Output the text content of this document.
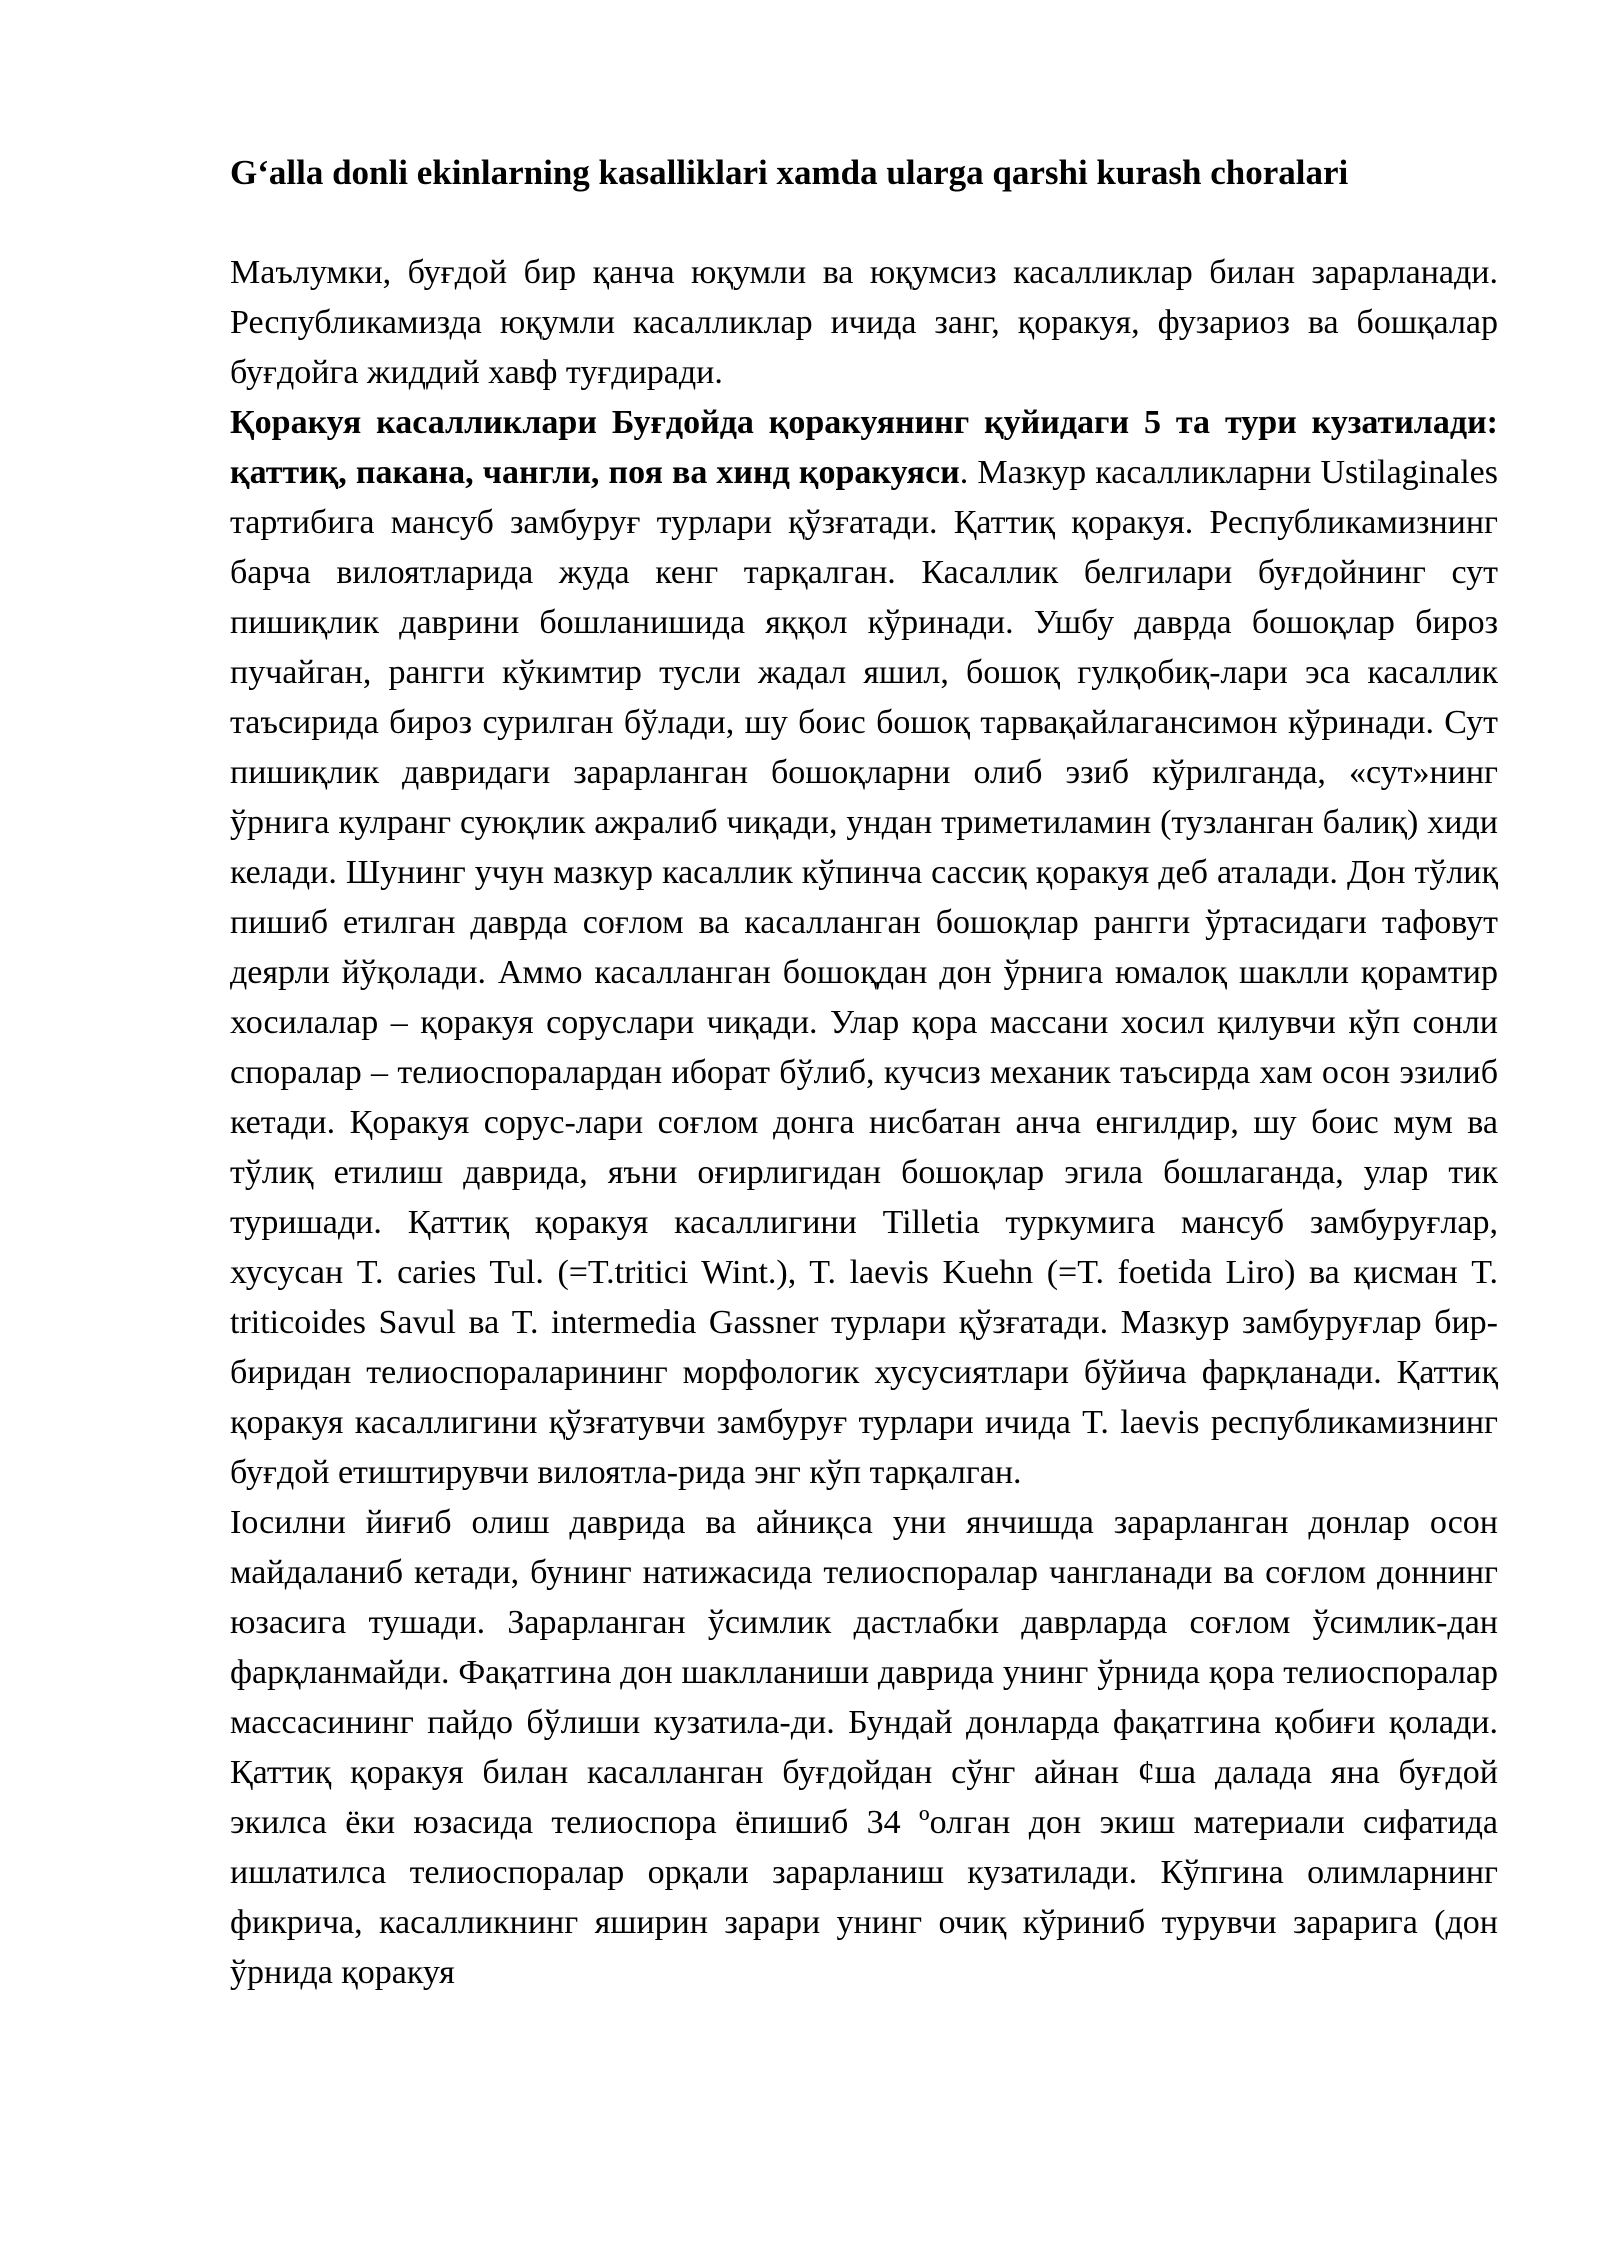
G‘alla donli ekinlarning kasalliklari xamda ularga qarshi kurash choralari

Маълумки, буғдой бир қанча юқумли ва юқумсиз касалликлар билан зарарланади. Республикамизда юқумли касалликлар ичида занг, қоракуя, фузариоз ва бошқалар буғдойга жиддий хавф туғдиради.

Қоракуя касалликлари Буғдойда қоракуянинг қуйидаги 5 та тури кузатилади: қаттиқ, пакана, чангли, поя ва хинд қоракуяси. Мазкур касалликларни Ustilaginales тартибига мансуб замбуруғ турлари қўзғатади. Қаттиқ қоракуя. Республикамизнинг барча вилоятларида жуда кенг тарқалган. Касаллик белгилари буғдойнинг сут пишиқлик даврини бошланишида яққол кўринади. Ушбу даврда бошоқлар бироз пучайган, рангги кўкимтир тусли жадал яшил, бошоқ гулқобиқ-лари эса касаллик таъсирида бироз сурилган бўлади, шу боис бошоқ тарвақайлагансимон кўринади. Сут пишиқлик давридаги зарарланган бошоқларни олиб эзиб кўрилганда, «сут»нинг ўрнига кулранг суюқлик ажралиб чиқади, ундан триметиламин (тузланган балиқ) хиди келади. Шунинг учун мазкур касаллик кўпинча сассиқ қоракуя деб аталади. Дон тўлиқ пишиб етилган даврда соғлом ва касалланган бошоқлар рангги ўртасидаги тафовут деярли йўқолади. Аммо касалланган бошоқдан дон ўрнига юмалоқ шаклли қорамтир хосилалар – қоракуя соруслари чиқади. Улар қора массани хосил қилувчи кўп сонли споралар – телиоспоралардан иборат бўлиб, кучсиз механик таъсирда хам осон эзилиб кетади. Қоракуя сорус-лари соғлом донга нисбатан анча енгилдир, шу боис мум ва тўлиқ етилиш даврида, яъни оғирлигидан бошоқлар эгила бошлаганда, улар тик туришади. Қаттиқ қоракуя касаллигини Tilletia туркумига мансуб замбуруғлар, хусусан T. caries Tul. (=T.tritici Wint.), T. laevis Kuehn (=T. foetida Liro) ва қисман T. triticoides Savul ва T. intermedia Gassner турлари қўзғатади. Мазкур замбуруғлар бир-биридан телиоспораларининг морфологик хусусиятлари бўйича фарқланади. Қаттиқ қоракуя касаллигини қўзғатувчи замбуруғ турлари ичида T. laevis республикамизнинг буғдой етиштирувчи вилоятла-рида энг кўп тарқалган.

Іосилни йиғиб олиш даврида ва айниқса уни янчишда зарарланган донлар осон майдаланиб кетади, бунинг натижасида телиоспоралар чангланади ва соғлом доннинг юзасига тушади. Зарарланган ўсимлик дастлабки даврларда соғлом ўсимлик-дан фарқланмайди. Фақатгина дон шаклланиши даврида унинг ўрнида қора телиоспоралар массасининг пайдо бўлиши кузатила-ди. Бундай донларда фақатгина қобиғи қолади. Қаттиқ қоракуя билан касалланган буғдойдан сўнг айнан ¢ша далада яна буғдой экилса ёки юзасида телиоспора ёпишиб 34 ºолган дон экиш материали сифатида ишлатилса телиоспоралар орқали зарарланиш кузатилади. Кўпгина олимларнинг фикрича, касалликнинг яширин зарари унинг очиқ кўриниб турувчи зарарига (дон ўрнида қоракуя
